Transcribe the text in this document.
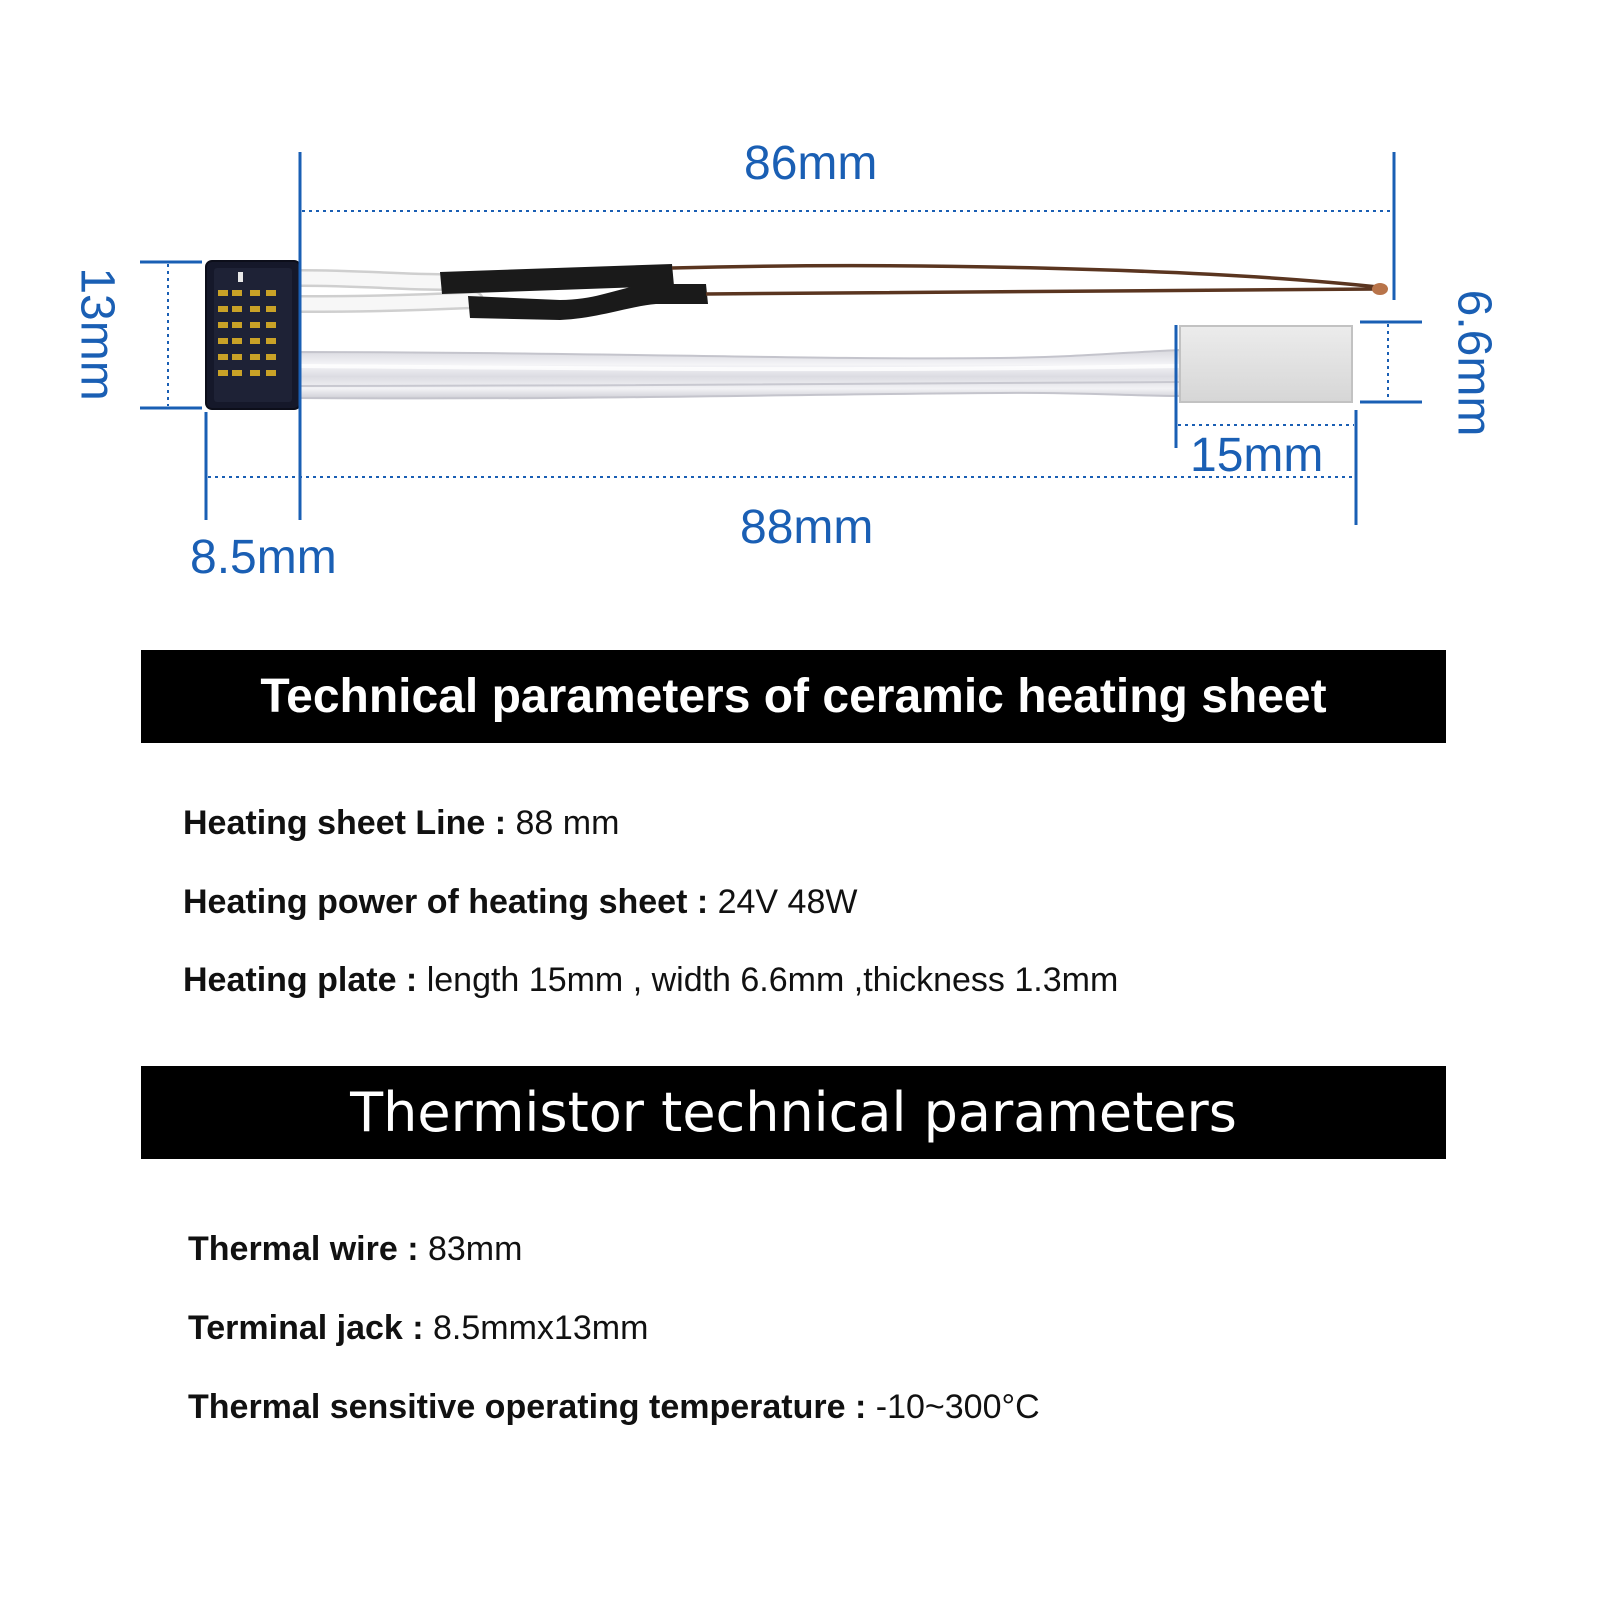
86mm
88mm
8.5mm
15mm
13mm	6.6mm
Technical parameters of ceramic heating sheet
Heating sheet Line : 88 mm
Heating power of heating sheet : 24V 48W
Heating plate : length 15mm , width 6.6mm ,thickness 1.3mm
Thermistor technical parameters
Thermal wire : 83mm
Terminal jack : 8.5mmx13mm
Thermal sensitive operating temperature : -10~300°C
